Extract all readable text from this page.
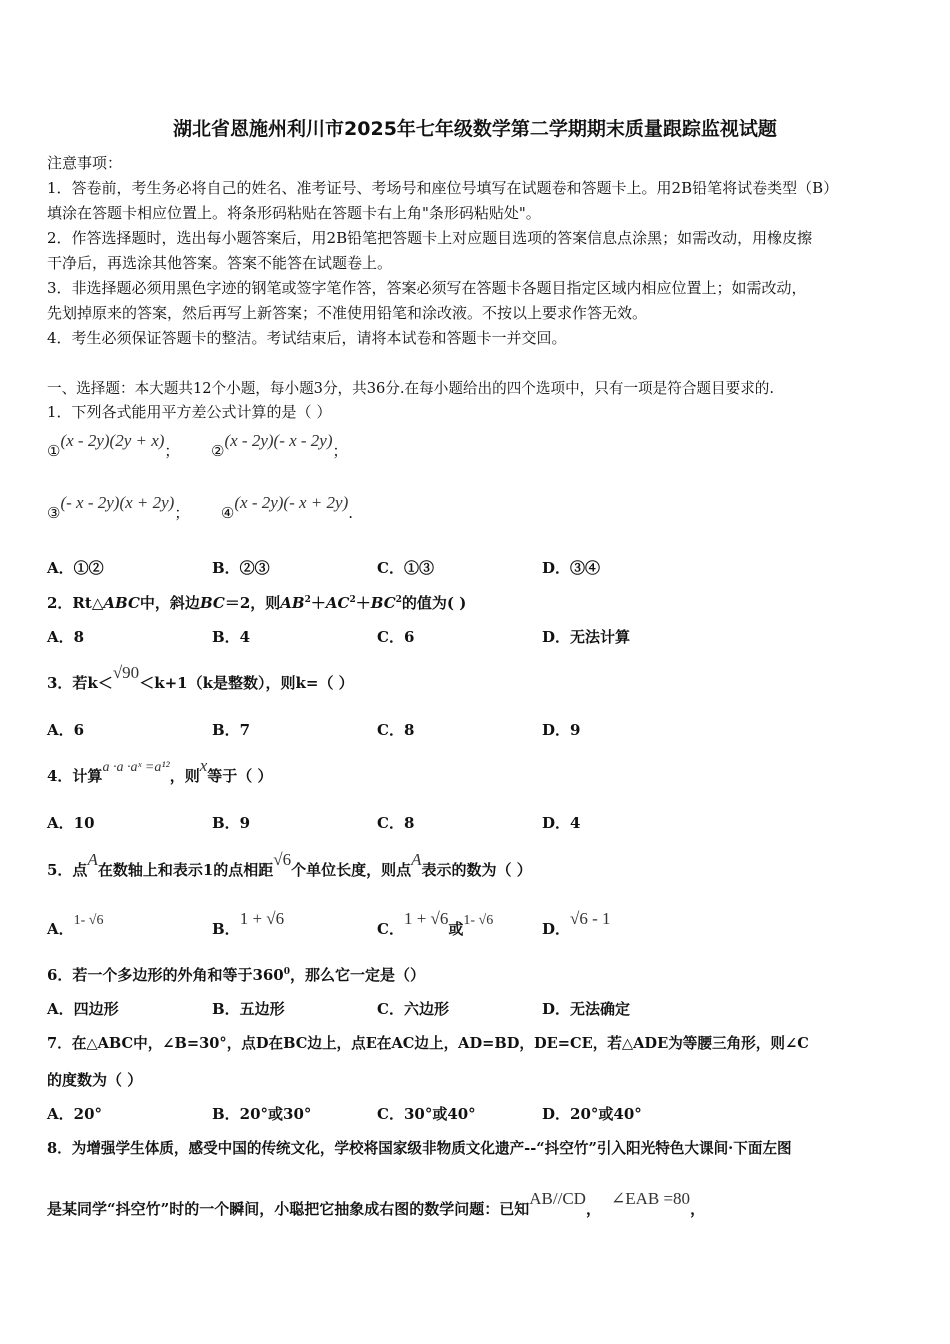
湖北省恩施州利川市2025年七年级数学第二学期期末质量跟踪监视试题
注意事项：
1．答卷前，考生务必将自己的姓名、准考证号、考场号和座位号填写在试题卷和答题卡上。用2B铅笔将试卷类型（B）
填涂在答题卡相应位置上。将条形码粘贴在答题卡右上角"条形码粘贴处"。
2．作答选择题时，选出每小题答案后，用2B铅笔把答题卡上对应题目选项的答案信息点涂黑；如需改动，用橡皮擦
干净后，再选涂其他答案。答案不能答在试题卷上。
3．非选择题必须用黑色字迹的钢笔或签字笔作答，答案必须写在答题卡各题目指定区域内相应位置上；如需改动，
先划掉原来的答案，然后再写上新答案；不准使用铅笔和涂改液。不按以上要求作答无效。
4．考生必须保证答题卡的整洁。考试结束后，请将本试卷和答题卡一并交回。
一、选择题：本大题共12个小题，每小题3分，共36分.在每小题给出的四个选项中，只有一项是符合题目要求的.
1．下列各式能用平方差公式计算的是（ ）
①(x - 2y)(2y + x)； ②(x - 2y)(- x - 2y)；
③(- x - 2y)(x + 2y)； ④(x - 2y)(- x + 2y).
A．①②	B．②③	C．①③	D．③④
2．Rt△ABC中，斜边BC＝2，则$AB^2+AC^2+BC^2$的值为( )
A．8	B．4	C．6	D．无法计算
3．若k＜√90＜k+1（k是整数），则k=（ ）
A．6	B．7	C．8	D．9
4．计算a ·a ·aˣ =a¹²，则x等于（ ）
A．10	B．9	C．8	D．4
5．点A在数轴上和表示1的点相距√6个单位长度，则点A表示的数为（ ）
A．1- √6	B．1 + √6
C．1 + √6或1- √6	D．√6 - 1
6．若一个多边形的外角和等于$360^0$，那么它一定是（）
A．四边形	B．五边形	C．六边形	D．无法确定
7．在△ABC中，∠B=30°，点D在BC边上，点E在AC边上，AD=BD，DE=CE，若△ADE为等腰三角形，则∠C
的度数为（ ）
A．20°	B．20°或30°	C．30°或40°	D．20°或40°
8．为增强学生体质，感受中国的传统文化，学校将国家级非物质文化遗产--“抖空竹”引入阳光特色大课间·下面左图
是某同学“抖空竹”时的一个瞬间，小聪把它抽象成右图的数学问题：已知AB//CD，∠EAB =80，
